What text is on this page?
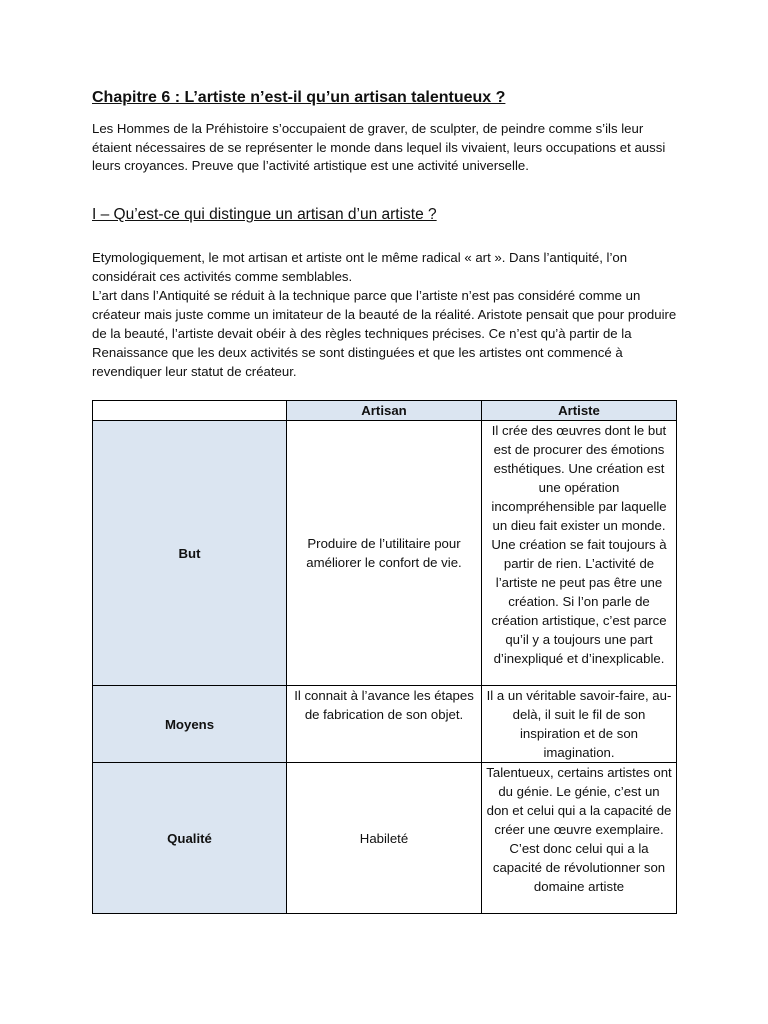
Chapitre 6 : L’artiste n’est-il qu’un artisan talentueux ?
Les Hommes de la Préhistoire s’occupaient de graver, de sculpter, de peindre comme s’ils leur étaient nécessaires de se représenter le monde dans lequel ils vivaient, leurs occupations et aussi leurs croyances. Preuve que l’activité artistique est une activité universelle.
I – Qu’est-ce qui distingue un artisan d’un artiste ?

Etymologiquement, le mot artisan et artiste ont le même radical « art ». Dans l’antiquité, l’on considérait ces activités comme semblables.

L’art dans l’Antiquité se réduit à la technique parce que l’artiste n’est pas considéré comme un créateur mais juste comme un imitateur de la beauté de la réalité. Aristote pensait que pour produire de la beauté, l’artiste devait obéir à des règles techniques précises. Ce n’est qu’à partir de la Renaissance que les deux activités se sont distinguées et que les artistes ont commencé à revendiquer leur statut de créateur.

	Artisan	Artiste
But	Produire de l’utilitaire pour améliorer le confort de vie.	Il crée des œuvres dont le but est de procurer des émotions esthétiques. Une création est une opération incompréhensible par laquelle un dieu fait exister un monde. Une création se fait toujours à partir de rien. L’activité de l’artiste ne peut pas être une création. Si l’on parle de création artistique, c’est parce qu’il y a toujours une part d’inexpliqué et d’inexplicable.
Moyens	Il connait à l’avance les étapes de fabrication de son objet.	Il a un véritable savoir-faire, au-delà, il suit le fil de son inspiration et de son imagination.
Qualité	Habileté	Talentueux, certains artistes ont du génie. Le génie, c’est un don et celui qui a la capacité de créer une œuvre exemplaire. C’est donc celui qui a la capacité de révolutionner son domaine artiste
